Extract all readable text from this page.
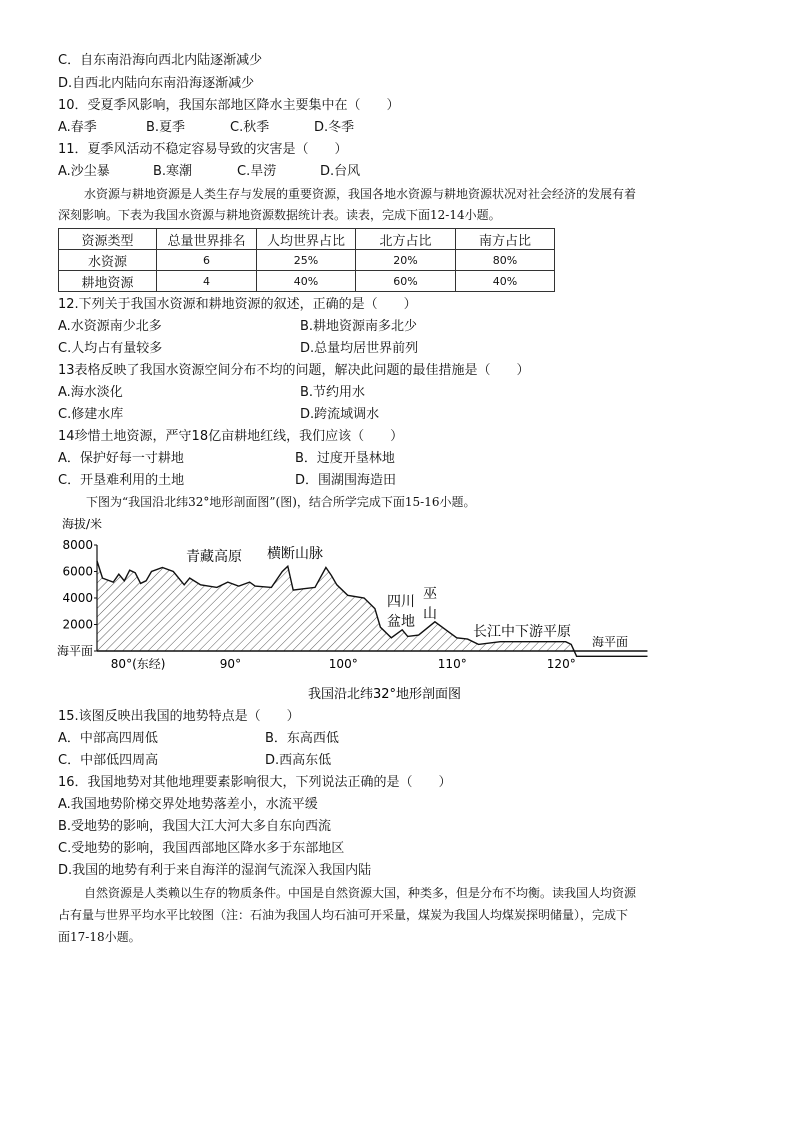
C．自东南沿海向西北内陆逐渐减少
D.自西北内陆向东南沿海逐渐减少
10．受夏季风影响，我国东部地区降水主要集中在（　　）
A.春季	B.夏季	C.秋季	D.冬季
11．夏季风活动不稳定容易导致的灾害是（　　）
A.沙尘暴	B.寒潮	C.旱涝	D.台风
水资源与耕地资源是人类生存与发展的重要资源，我国各地水资源与耕地资源状况对社会经济的发展有着
深刻影响。下表为我国水资源与耕地资源数据统计表。读表，完成下面12-14小题。
资源类型	总量世界排名	人均世界占比	北方占比	南方占比
水资源	6	25%	20%	80%
耕地资源	4	40%	60%	40%
12.下列关于我国水资源和耕地资源的叙述，正确的是（　　）
A.水资源南少北多	B.耕地资源南多北少
C.人均占有量较多	D.总量均居世界前列
13表格反映了我国水资源空间分布不均的问题，解决此问题的最佳措施是（　　）
A.海水淡化	B.节约用水
C.修建水库	D.跨流域调水
14珍惜土地资源，严守18亿亩耕地红线，我们应该（　　）
A．保护好每一寸耕地	B．过度开垦林地
C．开垦难利用的土地	D．围湖围海造田
下图为“我国沿北纬32°地形剖面图”(图)，结合所学完成下面15-16小题。
海拔/米
8000
6000
4000
2000
海平面
80°(东经)	90°	100°	110°	120°
青藏高原 横断山脉
四川
盆地
巫
山
长江中下游平原
海平面
我国沿北纬32°地形剖面图
15.该图反映出我国的地势特点是（　　）
A．中部高四周低	B．东高西低
C．中部低四周高	D.西高东低
16．我国地势对其他地理要素影响很大，下列说法正确的是（　　）
A.我国地势阶梯交界处地势落差小，水流平缓
B.受地势的影响，我国大江大河大多自东向西流
C.受地势的影响，我国西部地区降水多于东部地区
D.我国的地势有利于来自海洋的湿润气流深入我国内陆
自然资源是人类赖以生存的物质条件。中国是自然资源大国，种类多，但是分布不均衡。读我国人均资源
占有量与世界平均水平比较图（注：石油为我国人均石油可开采量，煤炭为我国人均煤炭探明储量），完成下
面17-18小题。
